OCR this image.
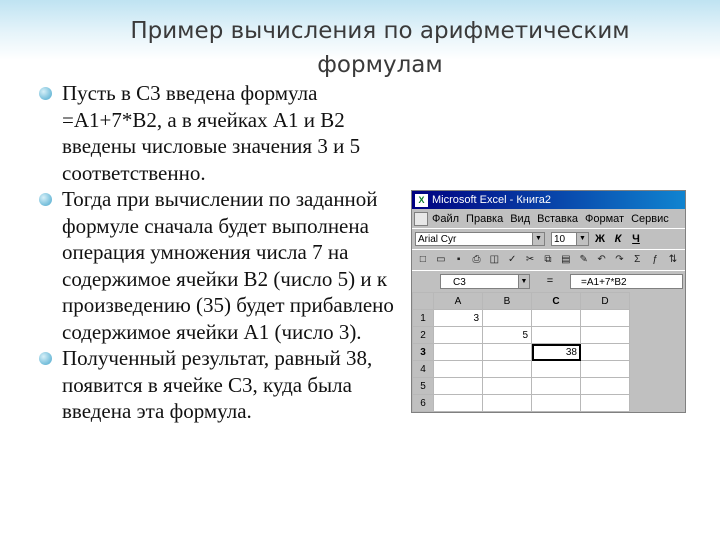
Пример вычисления по арифметическим формулам
Пусть в С3 введена формула =А1+7*В2, а в ячейках А1 и В2 введены числовые значения 3 и 5 соответственно.
Тогда при вычислении по заданной формуле сначала будет выполнена операция умножения числа 7 на содержимое ячейки В2 (число 5) и к произведению (35) будет прибавлено содержимое ячейки А1 (число 3).
Полученный результат, равный 38, появится в ячейке С3, куда была введена эта формула.
X Microsoft Excel - Книга2
Файл Правка Вид Вставка Формат Сервис
Arial Cyr	▼	10	▼ Ж К Ч
□ ▭	▪	⎙ ◫ ✓ ✂ ⧉ ▤ ✎ ↶ ↷ Σ	ƒ	⇅
C3	▼	=	=A1+7*B2
	A	B	C	D
1	3			
2		5		
3			38	
4				
5				
6				
